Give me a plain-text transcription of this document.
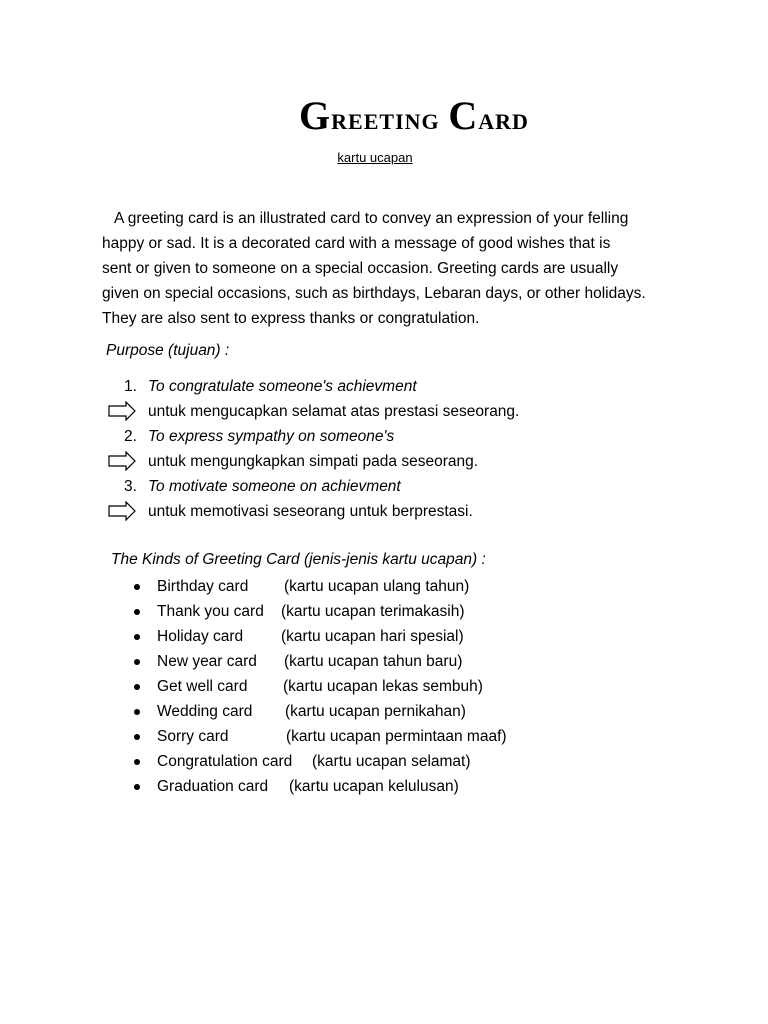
Greeting Card
kartu ucapan
A greeting card is an illustrated card to convey an expression of your felling
happy or sad. It is a decorated card with a message of good wishes that is
sent or given to someone on a special occasion. Greeting cards are usually
given on special occasions, such as birthdays, Lebaran days, or other holidays.
They are also sent to express thanks or congratulation.
Purpose (tujuan) :
1. To congratulate someone's achievment
untuk mengucapkan selamat atas prestasi seseorang.
2. To express sympathy on someone's
untuk mengungkapkan simpati pada seseorang.
3. To motivate someone on achievment
untuk memotivasi seseorang untuk berprestasi.
The Kinds of Greeting Card (jenis-jenis kartu ucapan) :
Birthday card (kartu ucapan ulang tahun)
Thank you card (kartu ucapan terimakasih)
Holiday card (kartu ucapan hari spesial)
New year card (kartu ucapan tahun baru)
Get well card (kartu ucapan lekas sembuh)
Wedding card (kartu ucapan pernikahan)
Sorry card	(kartu ucapan permintaan maaf)
Congratulation card (kartu ucapan selamat)
Graduation card (kartu ucapan kelulusan)
